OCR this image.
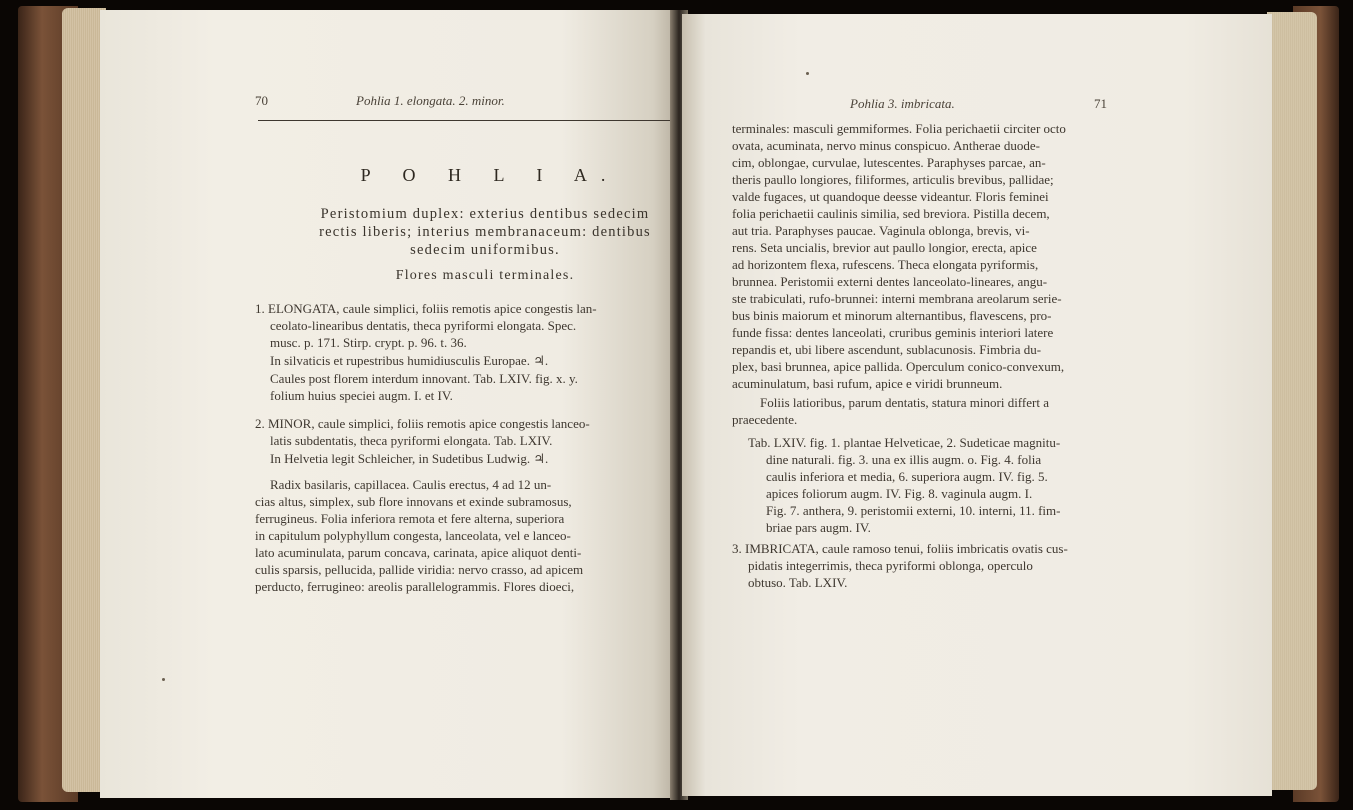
70	Pohlia 1. elongata. 2. minor.
P O H L I A.
Peristomium duplex: exterius dentibus sedecim
rectis liberis; interius membranaceum: dentibus
sedecim uniformibus.
Flores masculi terminales.
1. ELONGATA, caule simplici, foliis remotis apice congestis lan-
ceolato-linearibus dentatis, theca pyriformi elongata. Spec.
musc. p. 171. Stirp. crypt. p. 96. t. 36.
In silvaticis et rupestribus humidiusculis Europae. ♃.
Caules post florem interdum innovant. Tab. LXIV. fig. x. y.
folium huius speciei augm. I. et IV.
2. MINOR, caule simplici, foliis remotis apice congestis lanceo-
latis subdentatis, theca pyriformi elongata. Tab. LXIV.
In Helvetia legit Schleicher, in Sudetibus Ludwig. ♃.
Radix basilaris, capillacea. Caulis erectus, 4 ad 12 un-
cias altus, simplex, sub flore innovans et exinde subramosus,
ferrugineus. Folia inferiora remota et fere alterna, superiora
in capitulum polyphyllum congesta, lanceolata, vel e lanceo-
lato acuminulata, parum concava, carinata, apice aliquot denti-
culis sparsis, pellucida, pallide viridia: nervo crasso, ad apicem
perducto, ferrugineo: areolis parallelogrammis. Flores dioeci,
Pohlia 3. imbricata.	71
terminales: masculi gemmiformes. Folia perichaetii circiter octo
ovata, acuminata, nervo minus conspicuo. Antherae duode-
cim, oblongae, curvulae, lutescentes. Paraphyses parcae, an-
theris paullo longiores, filiformes, articulis brevibus, pallidae;
valde fugaces, ut quandoque deesse videantur. Floris feminei
folia perichaetii caulinis similia, sed breviora. Pistilla decem,
aut tria. Paraphyses paucae. Vaginula oblonga, brevis, vi-
rens. Seta uncialis, brevior aut paullo longior, erecta, apice
ad horizontem flexa, rufescens. Theca elongata pyriformis,
brunnea. Peristomii externi dentes lanceolato-lineares, angu-
ste trabiculati, rufo-brunnei: interni membrana areolarum serie-
bus binis maiorum et minorum alternantibus, flavescens, pro-
funde fissa: dentes lanceolati, cruribus geminis interiori latere
repandis et, ubi libere ascendunt, sublacunosis. Fimbria du-
plex, basi brunnea, apice pallida. Operculum conico-convexum,
acuminulatum, basi rufum, apice e viridi brunneum.
Foliis latioribus, parum dentatis, statura minori differt a
praecedente.
Tab. LXIV. fig. 1. plantae Helveticae, 2. Sudeticae magnitu-
dine naturali. fig. 3. una ex illis augm. o. Fig. 4. folia
caulis inferiora et media, 6. superiora augm. IV. fig. 5.
apices foliorum augm. IV. Fig. 8. vaginula augm. I.
Fig. 7. anthera, 9. peristomii externi, 10. interni, 11. fim-
briae pars augm. IV.
3. IMBRICATA, caule ramoso tenui, foliis imbricatis ovatis cus-
pidatis integerrimis, theca pyriformi oblonga, operculo
obtuso. Tab. LXIV.
